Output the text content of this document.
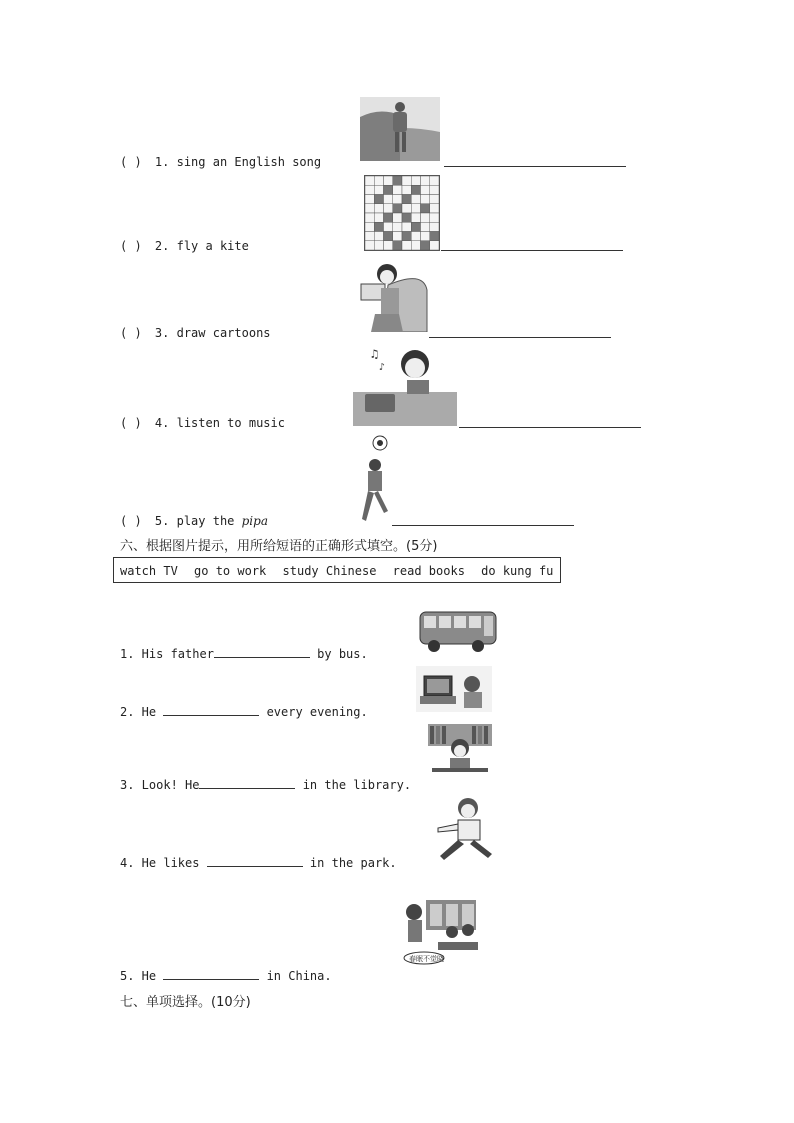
( ) 1. sing an English song
( ) 2. fly a kite
( ) 3. draw cartoons
( ) 4. listen to music
♫
♪
( ) 5. play the pipa
六、根据图片提示，用所给短语的正确形式填空。(5分)
watch TV go to work study Chinese read books do kung fu
1. His father	by bus.
2. He	every evening.
3. Look! He	in the library.
4. He likes	in the park.
春眠不觉晓
5. He	in China.
七、单项选择。(10分)
